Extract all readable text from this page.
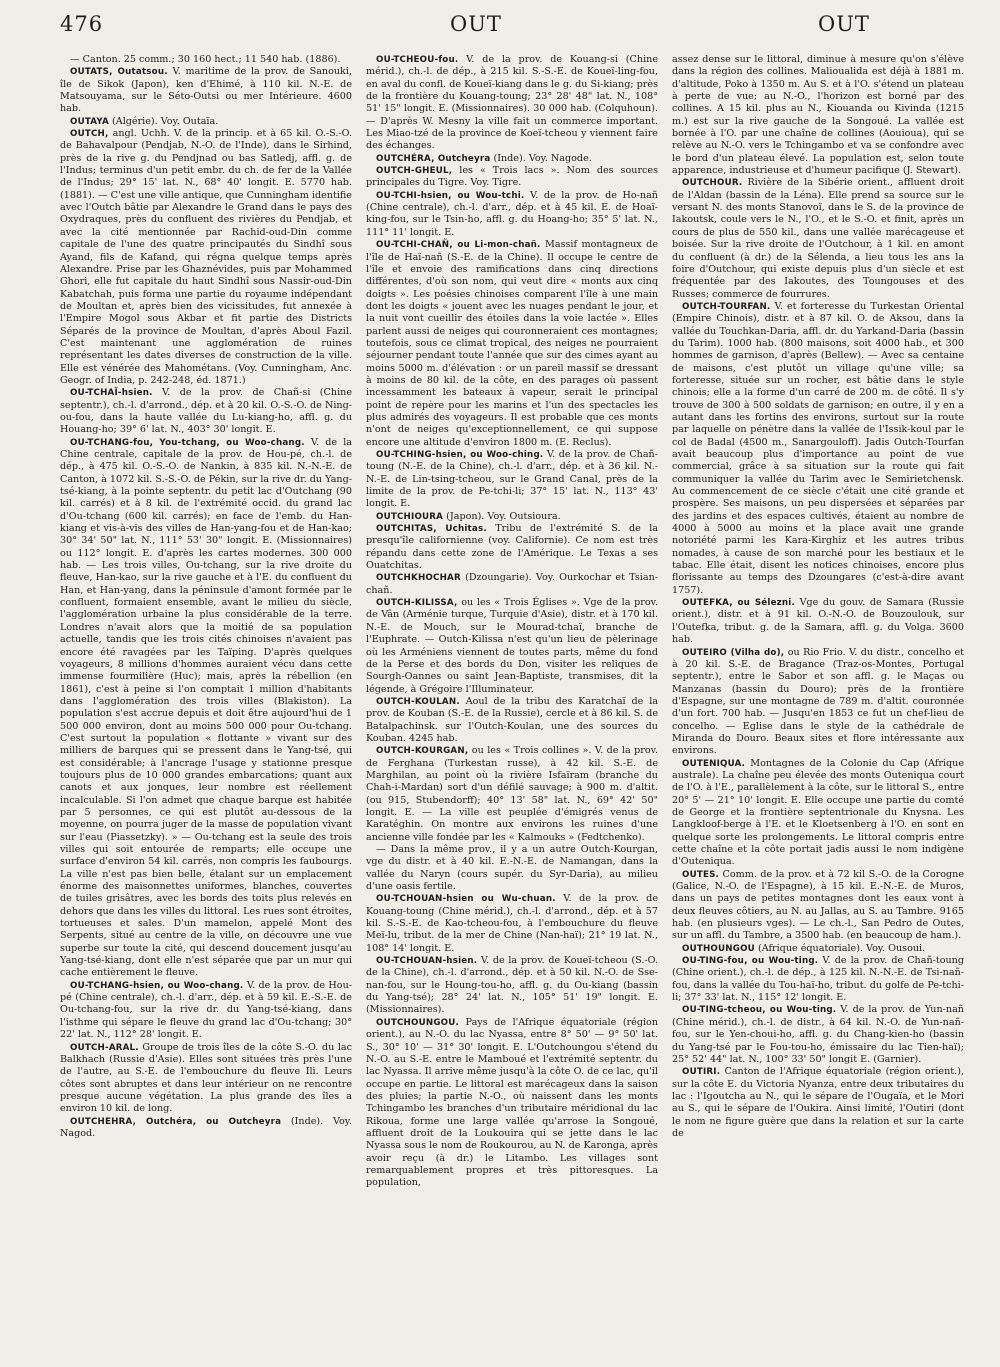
476	OUT	OUT

— Canton. 25 comm.; 30 160 hect.; 11 540 hab. (1886).

OUTATS, Outatsou. V. maritime de la prov. de Sanouki, île de Sikok (Japon), ken d'Ehimé, à 110 kil. N.-E. de Matsouyama, sur le Séto-Outsi ou mer Intérieure. 4600 hab.

OUTAYA (Algérie). Voy. Outaïa.

OUTCH, angl. Uchh. V. de la princip. et à 65 kil. O.-S.-O. de Bahavalpour (Pendjab, N.-O. de l'Inde), dans le Sirhind, près de la rive g. du Pendjnad ou bas Satledj, affl. g. de l'Indus; terminus d'un petit embr. du ch. de fer de la Vallée de l'Indus; 29° 15' lat. N., 68° 40' longit. E. 5770 hab. (1881). — C'est une ville antique, que Cunningham identifie avec l'Outch bâtie par Alexandre le Grand dans le pays des Oxydraques, près du confluent des rivières du Pendjab, et avec la cité mentionnée par Rachid-oud-Din comme capitale de l'une des quatre principautés du Sindhî sous Ayand, fils de Kafand, qui régna quelque temps après Alexandre. Prise par les Ghaznévides, puis par Mohammed Ghori, elle fut capitale du haut Sindhî sous Nassir-oud-Din Kabatchah, puis forma une partie du royaume indépendant de Moultan et, après bien des vicissitudes, fut annexée à l'Empire Mogol sous Akbar et fit partie des Districts Séparés de la province de Moultan, d'après Aboul Fazil. C'est maintenant une agglomération de ruines représentant les dates diverses de construction de la ville. Elle est vénérée des Mahométans. (Voy. Cunningham, Anc. Geogr. of India, p. 242-248, éd. 1871.)

OU-TCHAÏ-hsien. V. de la prov. de Chañ-si (Chine septentr.), ch.-l. d'arrond., dép. et à 20 kil. O.-S.-O. de Ning-ou-fou, dans la haute vallée du Lu-kiang-ho, affl. g. du Houang-ho; 39° 6' lat. N., 403° 30' longit. E.

OU-TCHANG-fou, You-tchang, ou Woo-chang. V. de la Chine centrale, capitale de la prov. de Hou-pé, ch.-l. de dép., à 475 kil. O.-S.-O. de Nankin, à 835 kil. N.-N.-E. de Canton, à 1072 kil. S.-S.-O. de Pékin, sur la rive dr. du Yang-tsé-kiang, à la pointe septentr. du petit lac d'Outchang (90 kil. carrés) et à 8 kil. de l'extrémité occid. du grand lac d'Ou-tchang (600 kil. carrés); en face de l'emb. du Han-kiang et vis-à-vis des villes de Han-yang-fou et de Han-kao; 30° 34' 50" lat. N., 111° 53' 30" longit. E. (Missionnaires) ou 112° longit. E. d'après les cartes modernes. 300 000 hab. — Les trois villes, Ou-tchang, sur la rive droite du fleuve, Han-kao, sur la rive gauche et à l'E. du confluent du Han, et Han-yang, dans la péninsule d'amont formée par le confluent, formaient ensemble, avant le milieu du siècle, l'agglomération urbaine la plus considérable de la terre. Londres n'avait alors que la moitié de sa population actuelle, tandis que les trois cités chinoises n'avaient pas encore été ravagées par les Taïping. D'après quelques voyageurs, 8 millions d'hommes auraient vécu dans cette immense fourmilière (Huc); mais, après la rébellion (en 1861), c'est à peine si l'on comptait 1 million d'habitants dans l'agglomération des trois villes (Blakiston). La population s'est accrue depuis et doit être aujourd'hui de 1 500 000 environ, dont au moins 500 000 pour Ou-tchang. C'est surtout la population « flottante » vivant sur des milliers de barques qui se pressent dans le Yang-tsé, qui est considérable; à l'ancrage l'usage y stationne presque toujours plus de 10 000 grandes embarcations; quant aux canots et aux jonques, leur nombre est réellement incalculable. Si l'on admet que chaque barque est habitée par 5 personnes, ce qui est plutôt au-dessous de la moyenne, on pourra juger de la masse de population vivant sur l'eau (Piassetzky). » — Ou-tchang est la seule des trois villes qui soit entourée de remparts; elle occupe une surface d'environ 54 kil. carrés, non compris les faubourgs. La ville n'est pas bien belle, étalant sur un emplacement énorme des maisonnettes uniformes, blanches, couvertes de tuiles grisâtres, avec les bords des toits plus relevés en dehors que dans les villes du littoral. Les rues sont étroites, tortueuses et sales. D'un mamelon, appelé Mont des Serpents, situé au centre de la ville, on découvre une vue superbe sur toute la cité, qui descend doucement jusqu'au Yang-tsé-kiang, dont elle n'est séparée que par un mur qui cache entièrement le fleuve.

OU-TCHANG-hsien, ou Woo-chang. V. de la prov. de Hou-pé (Chine centrale), ch.-l. d'arr., dép. et à 59 kil. E.-S.-E. de Ou-tchang-fou, sur la rive dr. du Yang-tsé-kiang, dans l'isthme qui sépare le fleuve du grand lac d'Ou-tchang; 30° 22' lat. N., 112° 28' longit. E.

OUTCH-ARAL. Groupe de trois îles de la côte S.-O. du lac Balkhach (Russie d'Asie). Elles sont situées très près l'une de l'autre, au S.-E. de l'embouchure du fleuve Ili. Leurs côtes sont abruptes et dans leur intérieur on ne rencontre presque aucune végétation. La plus grande des îles a environ 10 kil. de long.

OUTCHEHRA, Outchéra, ou Outcheyra (Inde). Voy. Nagod.

OU-TCHEOU-fou. V. de la prov. de Kouang-si (Chine mérid.), ch.-l. de dép., à 215 kil. S.-S.-E. de Koueï-ling-fou, en aval du confl. de Koueï-kiang dans le g. du Si-kiang; près de la frontière du Kouang-toung; 23° 28' 48" lat. N., 108° 51' 15" longit. E. (Missionnaires). 30 000 hab. (Colquhoun). — D'après W. Mesny la ville fait un commerce important. Les Miao-tzé de la province de Koeï-tcheou y viennent faire des échanges.

OUTCHÉRA, Outcheyra (Inde). Voy. Nagode.

OUTCH-GHEUL, les « Trois lacs ». Nom des sources principales du Tigre. Voy. Tigre.

OU-TCHI-hsien, ou Wou-tchi. V. de la prov. de Ho-nañ (Chine centrale), ch.-l. d'arr., dép. et à 45 kil. E. de Hoaï-king-fou, sur le Tsin-ho, affl. g. du Hoang-ho; 35° 5' lat. N., 111° 11' longit. E.

OU-TCHI-CHAÑ, ou Li-mon-chañ. Massif montagneux de l'île de Haï-nañ (S.-E. de la Chine). Il occupe le centre de l'île et envoie des ramifications dans cinq directions différentes, d'où son nom, qui veut dire « monts aux cinq doigts ». Les poésies chinoises comparent l'île à une main dont les doigts « jouent avec les nuages pendant le jour, et la nuit vont cueillir des étoiles dans la voie lactée ». Elles parlent aussi de neiges qui couronneraient ces montagnes; toutefois, sous ce climat tropical, des neiges ne pourraient séjourner pendant toute l'année que sur des cimes ayant au moins 5000 m. d'élévation : or un pareil massif se dressant à moins de 80 kil. de la côte, en des parages où passent incessamment les bateaux à vapeur, serait le principal point de repère pour les marins et l'un des spectacles les plus admirés des voyageurs. Il est probable que ces monts n'ont de neiges qu'exceptionnellement, ce qui suppose encore une altitude d'environ 1800 m. (E. Reclus).

OU-TCHING-hsien, ou Woo-ching. V. de la prov. de Chañ-toung (N.-E. de la Chine), ch.-l. d'arr., dép. et à 36 kil. N.-N.-E. de Lin-tsing-tcheou, sur le Grand Canal, près de la limite de la prov. de Pe-tchi-li; 37° 15' lat. N., 113° 43' longit. E.

OUTCHIOURA (Japon). Voy. Outsioura.

OUTCHITAS, Uchitas. Tribu de l'extrémité S. de la presqu'île californienne (voy. Californie). Ce nom est très répandu dans cette zone de l'Amérique. Le Texas a ses Ouatchitas.

OUTCHKHOCHAR (Dzoungarie). Voy. Ourkochar et Tsian-chañ.

OUTCH-KILISSA, ou les « Trois Églises ». Vge de la prov. de Vân (Arménie turque, Turquie d'Asie), distr. et à 170 kil. N.-E. de Mouch, sur le Mourad-tchaï, branche de l'Euphrate. — Outch-Kilissa n'est qu'un lieu de pèlerinage où les Arméniens viennent de toutes parts, même du fond de la Perse et des bords du Don, visiter les reliques de Sourgh-Oannes ou saint Jean-Baptiste, transmises, dit la légende, à Grégoire l'Illuminateur.

OUTCH-KOULAN. Aoul de la tribu des Karatchaï de la prov. de Kouban (S.-E. de la Russie), cercle et à 86 kil. S. de Batalpachinsk. sur l'Outch-Koulan, une des sources du Kouban. 4245 hab.

OUTCH-KOURGAN, ou les « Trois collines ». V. de la prov. de Ferghana (Turkestan russe), à 42 kil. S.-E. de Marghilan, au point où la rivière Isfaïram (branche du Chah-i-Mardan) sort d'un défilé sauvage; à 900 m. d'altit. (ou 915, Stubendorff); 40° 13' 58" lat. N., 69° 42' 50" longit. E. — La ville est peuplée d'émigrés venus de Karatéghin. On montre aux environs les ruines d'une ancienne ville fondée par les « Kalmouks » (Fedtchenko).

— Dans la même prov., il y a un autre Outch-Kourgan, vge du distr. et à 40 kil. E.-N.-E. de Namangan, dans la vallée du Naryn (cours supér. du Syr-Daria), au milieu d'une oasis fertile.

OU-TCHOUAN-hsien ou Wu-chuan. V. de la prov. de Kouang-toung (Chine mérid.), ch.-l. d'arrond., dép. et à 57 kil. S.-S.-E. de Kao-tcheou-fou, à l'embouchure du fleuve Meï-lu, tribut. de la mer de Chine (Nan-haï); 21° 19 lat. N., 108° 14' longit. E.

OU-TCHOUAN-hsien. V. de la prov. de Koueï-tcheou (S.-O. de la Chine), ch.-l. d'arrond., dép. et à 50 kil. N.-O. de Sse-nan-fou, sur le Houng-tou-ho, affl. g. du Ou-kiang (bassin du Yang-tsé); 28° 24' lat. N., 105° 51' 19" longit. E. (Missionnaires).

OUTCHOUNGOU. Pays de l'Afrique équatoriale (région orient.), au N.-O. du lac Nyassa, entre 8° 50' — 9° 50' lat. S., 30° 10' — 31° 30' longit. E. L'Outchoungou s'étend du N.-O. au S.-E. entre le Mamboué et l'extrémité septentr. du lac Nyassa. Il arrive même jusqu'à la côte O. de ce lac, qu'il occupe en partie. Le littoral est marécageux dans la saison des pluies; la partie N.-O., où naissent dans les monts Tchingambo les branches d'un tributaire méridional du lac Rikoua, forme une large vallée qu'arrose la Songoué, affluent droit de la Loukouira qui se jette dans le lac Nyassa sous le nom de Roukourou, au N. de Karonga, après avoir reçu (à dr.) le Litambo. Les villages sont remarquablement propres et très pittoresques. La population,

assez dense sur le littoral, diminue à mesure qu'on s'élève dans la région des collines. Malioualida est déjà à 1881 m. d'altitude, Poko à 1350 m. Au S. et à l'O. s'étend un plateau à perte de vue; au N.-O., l'horizon est borné par des collines. A 15 kil. plus au N., Kiouanda ou Kivinda (1215 m.) est sur la rive gauche de la Songoué. La vallée est bornée à l'O. par une chaîne de collines (Aouioua), qui se relève au N.-O. vers le Tchingambo et va se confondre avec le bord d'un plateau élevé. La population est, selon toute apparence, industrieuse et d'humeur pacifique (J. Stewart).

OUTCHOUR. Rivière de la Sibérie orient., affluent droit de l'Aldan (bassin de la Léna). Elle prend sa source sur le versant N. des monts Stanovoï, dans le S. de la province de Iakoutsk, coule vers le N., l'O., et le S.-O. et finit, après un cours de plus de 550 kil., dans une vallée marécageuse et boisée. Sur la rive droite de l'Outchour, à 1 kil. en amont du confluent (à dr.) de la Sélenda, a lieu tous les ans la foire d'Outchour, qui existe depuis plus d'un siècle et est fréquentée par des Iakoutes, des Toungouses et des Russes; commerce de fourrures.

OUTCH-TOURFAN. V. et forteresse du Turkestan Oriental (Empire Chinois), distr. et à 87 kil. O. de Aksou, dans la vallée du Touchkan-Daria, affl. dr. du Yarkand-Daria (bassin du Tarim). 1000 hab. (800 maisons, soit 4000 hab., et 300 hommes de garnison, d'après (Bellew). — Avec sa centaine de maisons, c'est plutôt un village qu'une ville; sa forteresse, située sur un rocher, est bâtie dans le style chinois; elle a la forme d'un carré de 200 m. de côté. Il s'y trouve de 300 à 500 soldats de garnison; en outre, il y en a autant dans les fortins des environs, surtout sur la route par laquelle on pénètre dans la vallée de l'Issik-koul par le col de Badal (4500 m., Sanargouloff). Jadis Outch-Tourfan avait beaucoup plus d'importance au point de vue commercial, grâce à sa situation sur la route qui fait communiquer la vallée du Tarim avec le Semirietchensk. Au commencement de ce siècle c'était une cité grande et prospère. Ses maisons, un peu dispersées et séparées par des jardins et des espaces cultivés, étaient au nombre de 4000 à 5000 au moins et la place avait une grande notoriété parmi les Kara-Kirghiz et les autres tribus nomades, à cause de son marché pour les bestiaux et le tabac. Elle était, disent les notices chinoises, encore plus florissante au temps des Dzoungares (c'est-à-dire avant 1757).

OUTEFKA, ou Sélezni. Vge du gouv. de Samara (Russie orient.), distr. et à 91 kil. O.-N.-O. de Bouzoulouk, sur l'Outefka, tribut. g. de la Samara, affl. g. du Volga. 3600 hab.

OUTEIRO (Vilha do), ou Rio Frio. V. du distr., concelho et à 20 kil. S.-E. de Bragance (Traz-os-Montes, Portugal septentr.), entre le Sabor et son affl. g. le Maças ou Manzanas (bassin du Douro); près de la frontière d'Espagne, sur une montagne de 789 m. d'altit. couronnée d'un fort. 700 hab. — Jusqu'en 1853 ce fut un chef-lieu de concelho. — Eglise dans le style de la cathédrale de Miranda do Douro. Beaux sites et flore intéressante aux environs.

OUTENIQUA. Montagnes de la Colonie du Cap (Afrique australe). La chaîne peu élevée des monts Outeniqua court de l'O. à l'E., parallèlement à la côte, sur le littoral S., entre 20° 5' — 21° 10' longit. E. Elle occupe une partie du comté de George et la frontière septentrionale du Knysna. Les Langkloof-berge à l'E. et le Kloetsenberg à l'O. en sont en quelque sorte les prolongements. Le littoral compris entre cette chaîne et la côte portait jadis aussi le nom indigène d'Outeniqua.

OUTES. Comm. de la prov. et à 72 kil S.-O. de la Corogne (Galice, N.-O. de l'Espagne), à 15 kil. E.-N.-E. de Muros, dans un pays de petites montagnes dont les eaux vont à deux fleuves côtiers, au N. au Jallas, au S. au Tambre. 9165 hab. (en plusieurs vges). — Le ch.-l., San Pedro de Outes, sur un affl. du Tambre, a 3500 hab. (en beaucoup de ham.).

OUTHOUNGOU (Afrique équatoriale). Voy. Ousoui.

OU-TING-fou, ou Wou-ting. V. de la prov. de Chañ-toung (Chine orient.), ch.-l. de dép., à 125 kil. N.-N.-E. de Tsi-nañ-fou, dans la vallée du Tou-haï-ho, tribut. du golfe de Pe-tchi-li; 37° 33' lat. N., 115° 12' longit. E.

OU-TING-tcheou, ou Wou-ting. V. de la prov. de Yun-nañ (Chine mérid.), ch.-l. de distr., à 64 kil. N.-O. de Yun-nañ-fou, sur le Yen-choui-ho, affl. g. du Chang-kien-ho (bassin du Yang-tsé par le Fou-tou-ho, émissaire du lac Tien-haï); 25° 52' 44" lat. N., 100° 33' 50" longit E. (Garnier).

OUTIRI. Canton de l'Afrique équatoriale (région orient.), sur la côte E. du Victoria Nyanza, entre deux tributaires du lac : l'Igoutcha au N., qui le sépare de l'Ougaïa, et le Mori au S., qui le sépare de l'Oukira. Ainsi limité, l'Outiri (dont le nom ne figure guère que dans la relation et sur la carte de
